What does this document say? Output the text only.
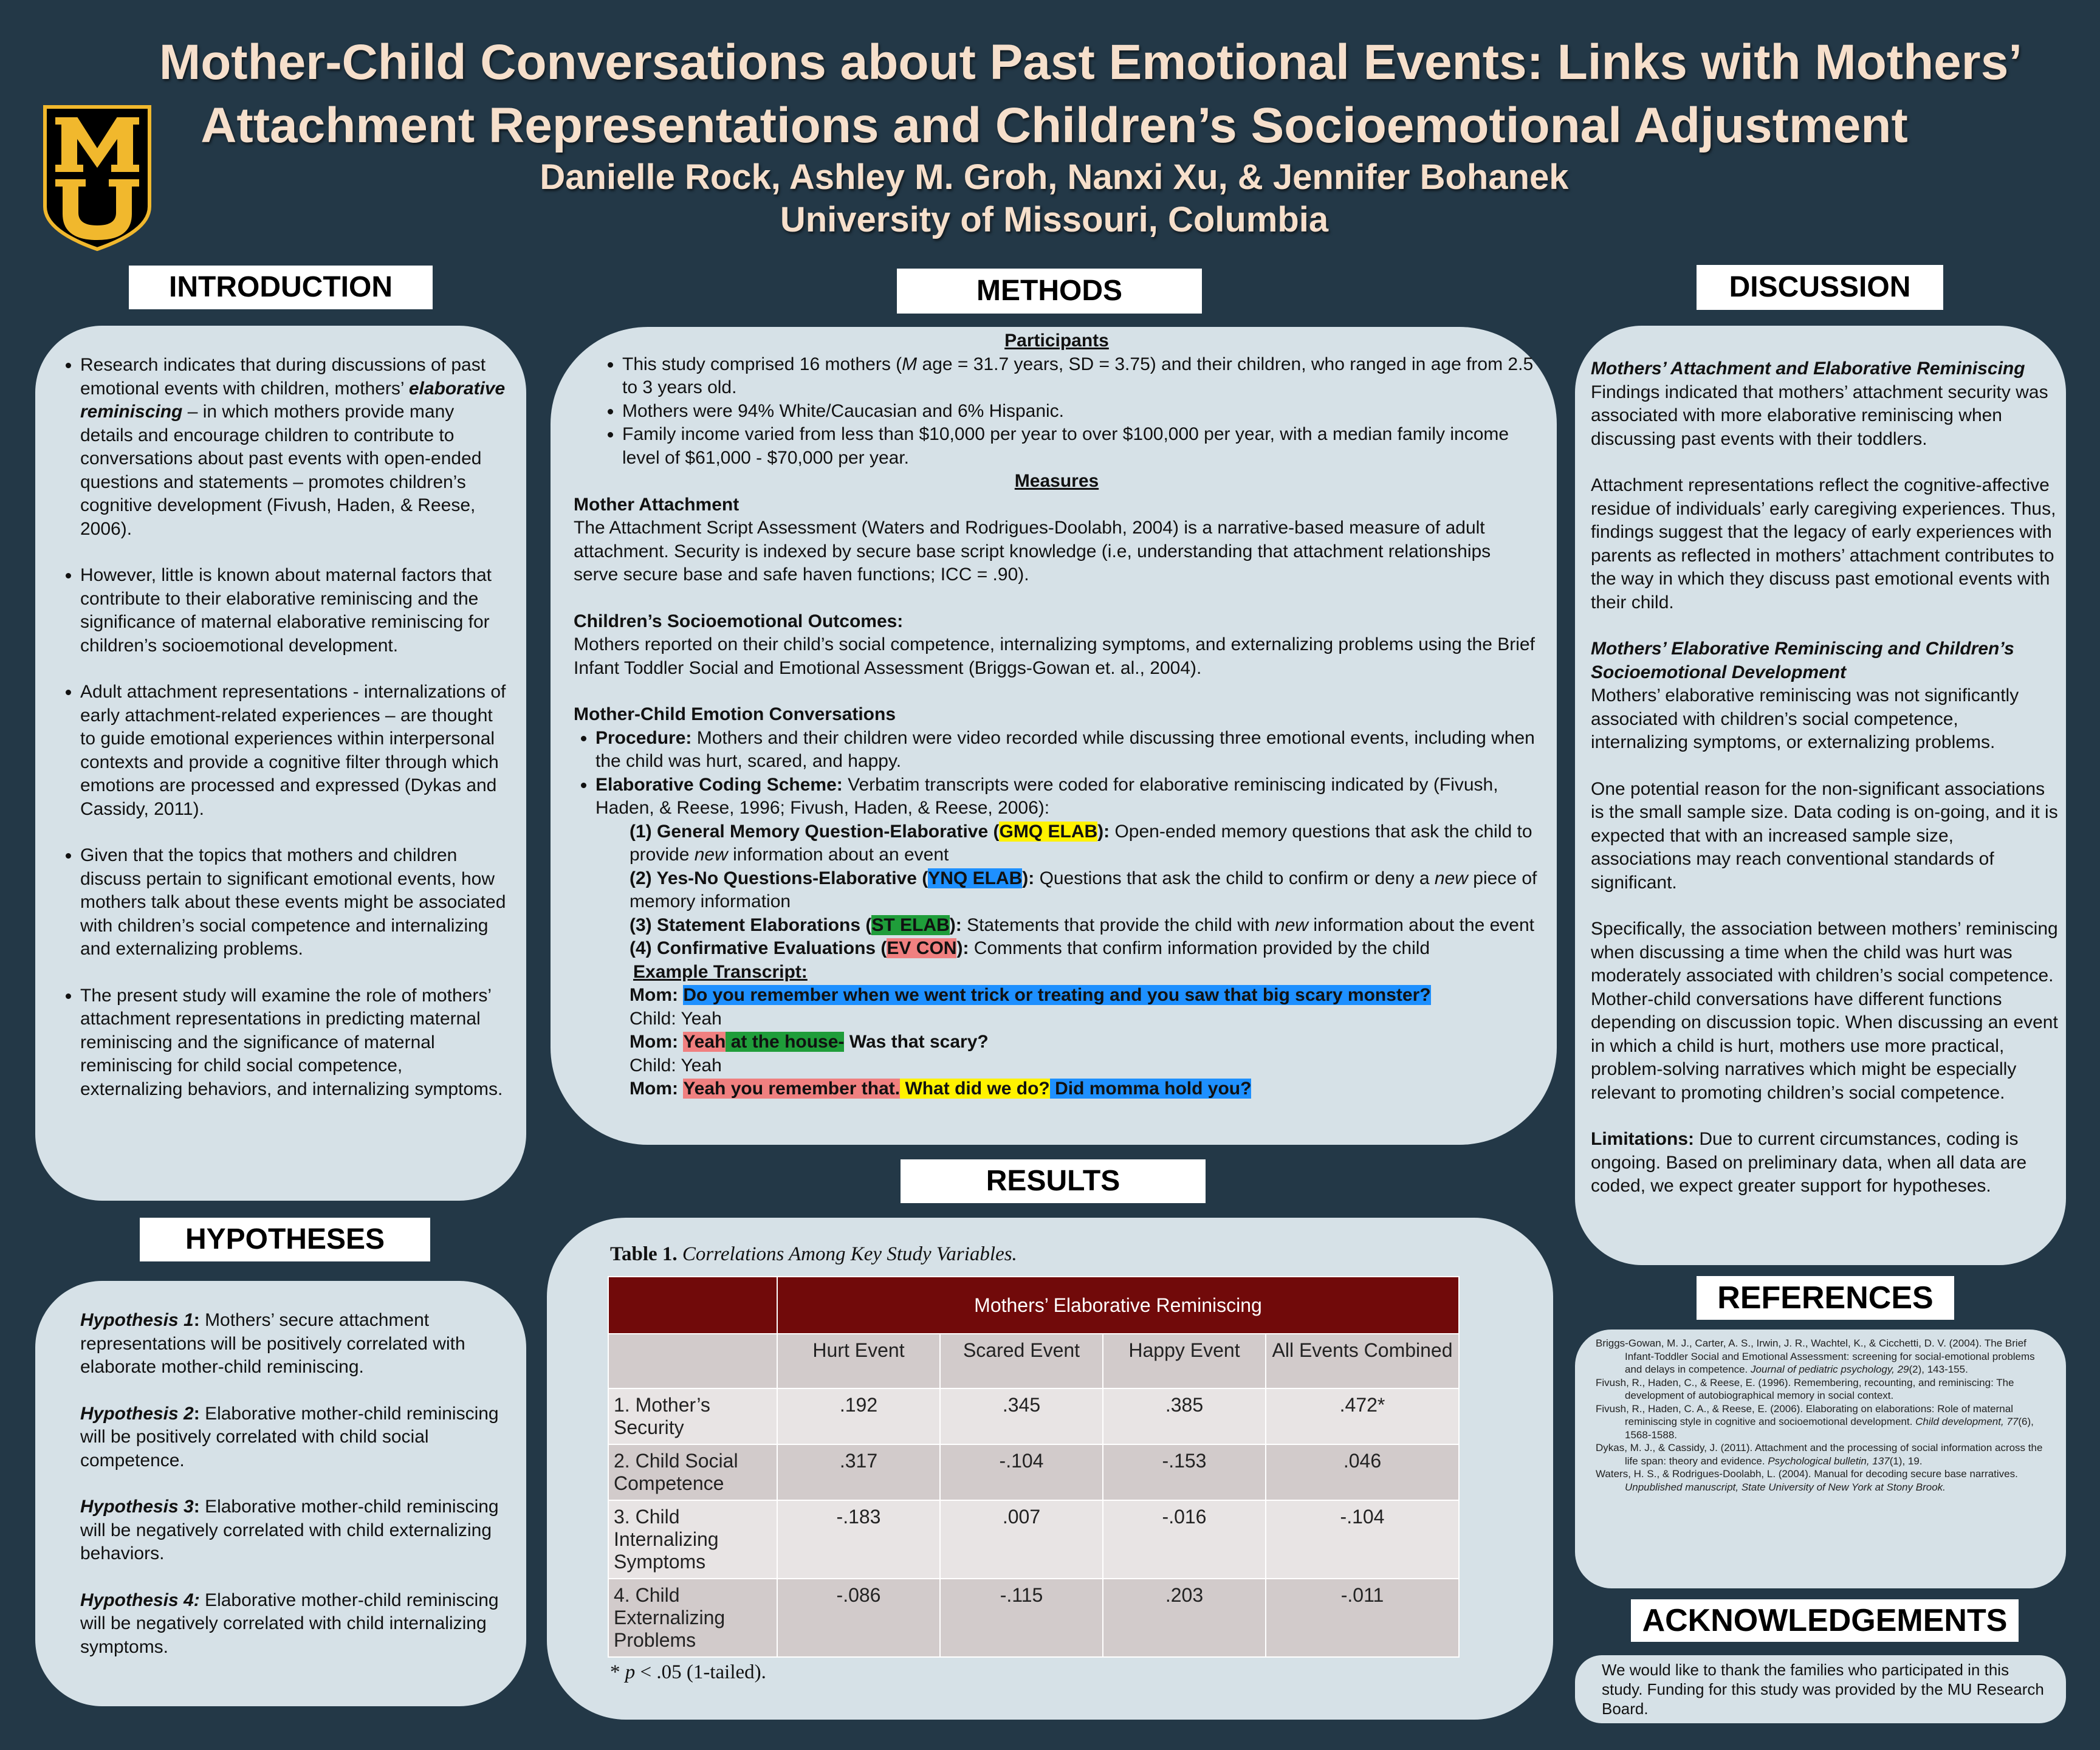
Mother-Child Conversations about Past Emotional Events: Links with Mothers’
Attachment Representations and Children’s Socioemotional Adjustment
Danielle Rock, Ashley M. Groh, Nanxi Xu, & Jennifer Bohanek
University of Missouri, Columbia
INTRODUCTION
• Research indicates that during discussions of past emotional events with children, mothers’ elaborative reminiscing – in which mothers provide many details and encourage children to contribute to conversations about past events with open-ended questions and statements – promotes children’s cognitive development (Fivush, Haden, & Reese, 2006).
• However, little is known about maternal factors that contribute to their elaborative reminiscing and the significance of maternal elaborative reminiscing for children’s socioemotional development.
• Adult attachment representations - internalizations of early attachment-related experiences – are thought to guide emotional experiences within interpersonal contexts and provide a cognitive filter through which emotions are processed and expressed (Dykas and Cassidy, 2011).
• Given that the topics that mothers and children discuss pertain to significant emotional events, how mothers talk about these events might be associated with children’s social competence and internalizing and externalizing problems.
• The present study will examine the role of mothers’ attachment representations in predicting maternal reminiscing and the significance of maternal reminiscing for child social competence, externalizing behaviors, and internalizing symptoms.
HYPOTHESES

Hypothesis 1: Mothers’ secure attachment representations will be positively correlated with elaborate mother-child reminiscing.

Hypothesis 2: Elaborative mother-child reminiscing will be positively correlated with child social competence.

Hypothesis 3: Elaborative mother-child reminiscing will be negatively correlated with child externalizing behaviors.

Hypothesis 4: Elaborative mother-child reminiscing will be negatively correlated with child internalizing symptoms.

METHODS
Participants
• This study comprised 16 mothers (M age = 31.7 years, SD = 3.75) and their children, who ranged in age from 2.5 to 3 years old.
• Mothers were 94% White/Caucasian and 6% Hispanic.
• Family income varied from less than $10,000 per year to over $100,000 per year, with a median family income level of $61,000 - $70,000 per year.
Measures
Mother Attachment
The Attachment Script Assessment (Waters and Rodrigues-Doolabh, 2004) is a narrative-based measure of adult attachment. Security is indexed by secure base script knowledge (i.e, understanding that attachment relationships serve secure base and safe haven functions; ICC = .90).
Children’s Socioemotional Outcomes:
Mothers reported on their child’s social competence, internalizing symptoms, and externalizing problems using the Brief Infant Toddler Social and Emotional Assessment (Briggs-Gowan et. al., 2004).
Mother-Child Emotion Conversations
• Procedure: Mothers and their children were video recorded while discussing three emotional events, including when the child was hurt, scared, and happy.
• Elaborative Coding Scheme: Verbatim transcripts were coded for elaborative reminiscing indicated by (Fivush, Haden, & Reese, 1996; Fivush, Haden, & Reese, 2006):
(1) General Memory Question-Elaborative (GMQ ELAB): Open-ended memory questions that ask the child to provide new information about an event
(2) Yes-No Questions-Elaborative (YNQ ELAB): Questions that ask the child to confirm or deny a new piece of memory information
(3) Statement Elaborations (ST ELAB): Statements that provide the child with new information about the event
(4) Confirmative Evaluations (EV CON): Comments that confirm information provided by the child
Example Transcript:
Mom: Do you remember when we went trick or treating and you saw that big scary monster?
Child: Yeah
Mom: Yeah at the house- Was that scary?
Child: Yeah
Mom: Yeah you remember that. What did we do? Did momma hold you?
RESULTS
Table 1. Correlations Among Key Study Variables.
	Mothers’ Elaborative Reminiscing			
	Hurt Event	Scared Event	Happy Event	All Events Combined
1. Mother’s Security	.192	.345	.385	.472*
2. Child Social Competence	.317	-.104	-.153	.046
3. Child Internalizing Symptoms	-.183	.007	-.016	-.104
4. Child Externalizing Problems	-.086	-.115	.203	-.011
* p < .05 (1-tailed).
DISCUSSION
Mothers’ Attachment and Elaborative Reminiscing
Findings indicated that mothers’ attachment security was associated with more elaborative reminiscing when discussing past events with their toddlers.
Attachment representations reflect the cognitive-affective residue of individuals’ early caregiving experiences. Thus, findings suggest that the legacy of early experiences with parents as reflected in mothers’ attachment contributes to the way in which they discuss past emotional events with their child.
Mothers’ Elaborative Reminiscing and Children’s Socioemotional Development
Mothers’ elaborative reminiscing was not significantly associated with children’s social competence, internalizing symptoms, or externalizing problems.
One potential reason for the non-significant associations is the small sample size. Data coding is on-going, and it is expected that with an increased sample size, associations may reach conventional standards of significant.
Specifically, the association between mothers’ reminiscing when discussing a time when the child was hurt was moderately associated with children’s social competence. Mother-child conversations have different functions depending on discussion topic. When discussing an event in which a child is hurt, mothers use more practical, problem-solving narratives which might be especially relevant to promoting children’s social competence.
Limitations: Due to current circumstances, coding is ongoing. Based on preliminary data, when all data are coded, we expect greater support for hypotheses.
REFERENCES

Briggs-Gowan, M. J., Carter, A. S., Irwin, J. R., Wachtel, K., & Cicchetti, D. V. (2004). The Brief Infant-Toddler Social and Emotional Assessment: screening for social-emotional problems and delays in competence. Journal of pediatric psychology, 29(2), 143-155.

Fivush, R., Haden, C., & Reese, E. (1996). Remembering, recounting, and reminiscing: The development of autobiographical memory in social context.

Fivush, R., Haden, C. A., & Reese, E. (2006). Elaborating on elaborations: Role of maternal reminiscing style in cognitive and socioemotional development. Child development, 77(6), 1568-1588.

Dykas, M. J., & Cassidy, J. (2011). Attachment and the processing of social information across the life span: theory and evidence. Psychological bulletin, 137(1), 19.

Waters, H. S., & Rodrigues-Doolabh, L. (2004). Manual for decoding secure base narratives. Unpublished manuscript, State University of New York at Stony Brook.

ACKNOWLEDGEMENTS
We would like to thank the families who participated in this study. Funding for this study was provided by the MU Research Board.
